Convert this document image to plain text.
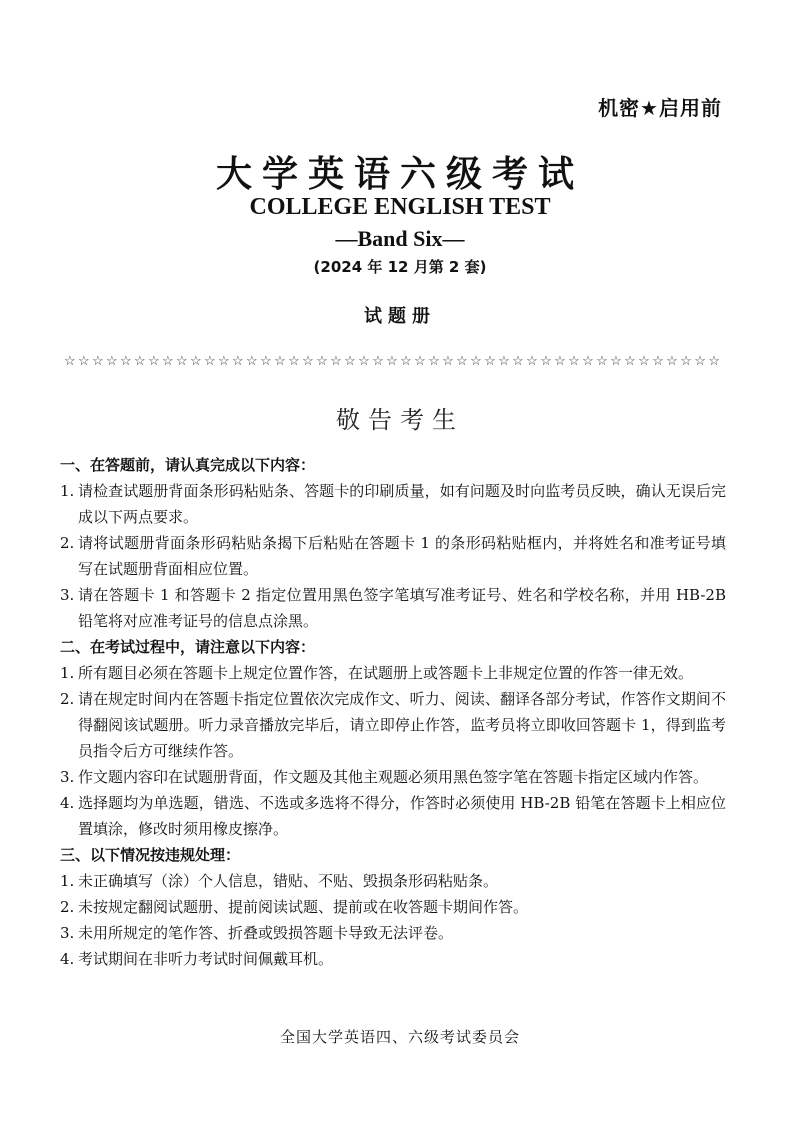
机密★启用前
大学英语六级考试
COLLEGE ENGLISH TEST
—Band Six—
(2024 年 12 月第 2 套)
试题册
☆☆☆☆☆☆☆☆☆☆☆☆☆☆☆☆☆☆☆☆☆☆☆☆☆☆☆☆☆☆☆☆☆☆☆☆☆☆☆☆☆☆☆☆☆☆☆
敬告考生

一、在答题前，请认真完成以下内容：

1. 请检查试题册背面条形码粘贴条、答题卡的印刷质量，如有问题及时向监考员反映，确认无误后完成以下两点要求。
2. 请将试题册背面条形码粘贴条揭下后粘贴在答题卡 1 的条形码粘贴框内，并将姓名和准考证号填写在试题册背面相应位置。
3. 请在答题卡 1 和答题卡 2 指定位置用黑色签字笔填写准考证号、姓名和学校名称，并用 HB-2B 铅笔将对应准考证号的信息点涂黑。

二、在考试过程中，请注意以下内容：

1. 所有题目必须在答题卡上规定位置作答，在试题册上或答题卡上非规定位置的作答一律无效。
2. 请在规定时间内在答题卡指定位置依次完成作文、听力、阅读、翻译各部分考试，作答作文期间不得翻阅该试题册。听力录音播放完毕后，请立即停止作答，监考员将立即收回答题卡 1，得到监考员指令后方可继续作答。
3. 作文题内容印在试题册背面，作文题及其他主观题必须用黑色签字笔在答题卡指定区域内作答。
4. 选择题均为单选题，错选、不选或多选将不得分，作答时必须使用 HB-2B 铅笔在答题卡上相应位置填涂，修改时须用橡皮擦净。

三、以下情况按违规处理：

1. 未正确填写（涂）个人信息，错贴、不贴、毁损条形码粘贴条。
2. 未按规定翻阅试题册、提前阅读试题、提前或在收答题卡期间作答。
3. 未用所规定的笔作答、折叠或毁损答题卡导致无法评卷。
4. 考试期间在非听力考试时间佩戴耳机。
全国大学英语四、六级考试委员会
